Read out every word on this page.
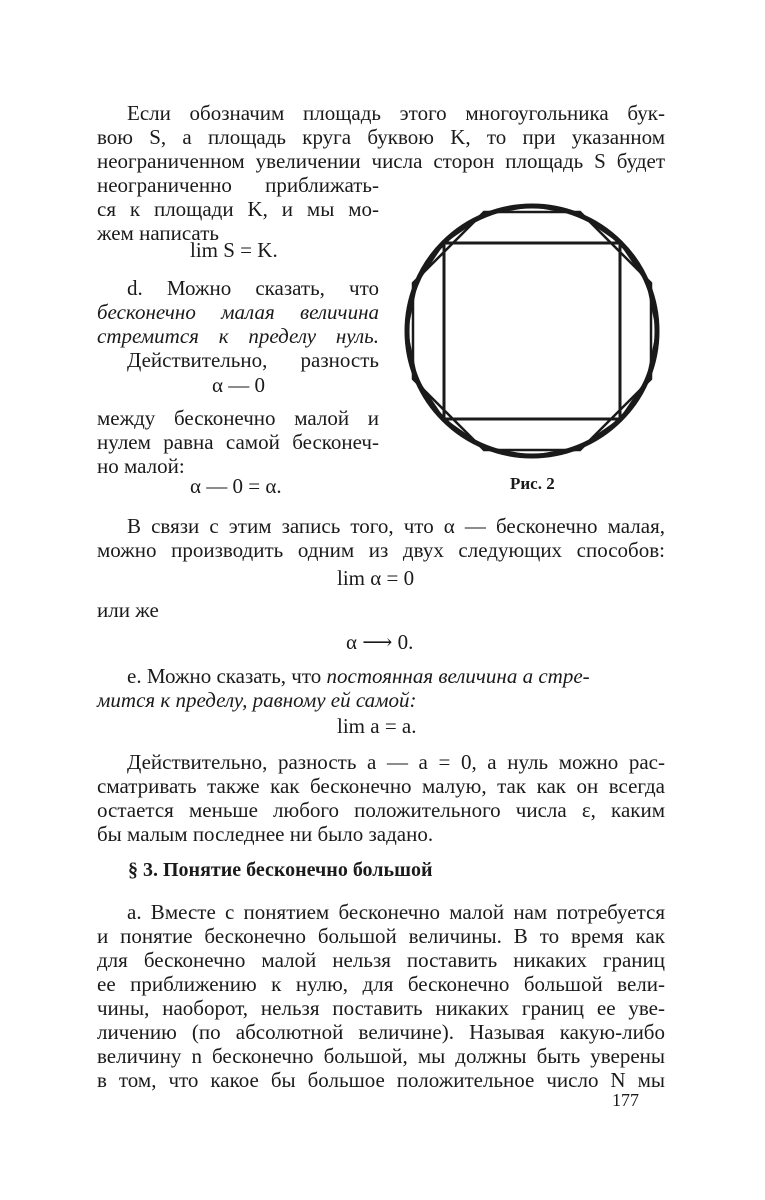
Если обозначим площадь этого многоугольника бук-
вою S, а площадь круга буквою K, то при указанном
неограниченном увеличении числа сторон площадь S будет
неограниченно приближать-
ся к площади K, и мы мо-
жем написать
lim S = K.
d. Можно сказать, что
бесконечно малая величина
стремится к пределу нуль.
Действительно, разность
α — 0
между бесконечно малой и
нулем равна самой бесконеч-
но малой:
α — 0 = α.	Рис. 2
В связи с этим запись того, что α — бесконечно малая,
можно производить одним из двух следующих способов:
lim α = 0
или же
α ⟶ 0.
е. Можно сказать, что постоянная величина a стре-
мится к пределу, равному ей самой:
lim a = a.
Действительно, разность a — a = 0, а нуль можно рас-
сматривать также как бесконечно малую, так как он всегда
остается меньше любого положительного числа ε, каким
бы малым последнее ни было задано.
§ 3. Понятие бесконечно большой
а. Вместе с понятием бесконечно малой нам потребуется
и понятие бесконечно большой величины. В то время как
для бесконечно малой нельзя поставить никаких границ
ее приближению к нулю, для бесконечно большой вели-
чины, наоборот, нельзя поставить никаких границ ее уве-
личению (по абсолютной величине). Называя какую-либо
величину n бесконечно большой, мы должны быть уверены
в том, что какое бы большое положительное число N мы
177
